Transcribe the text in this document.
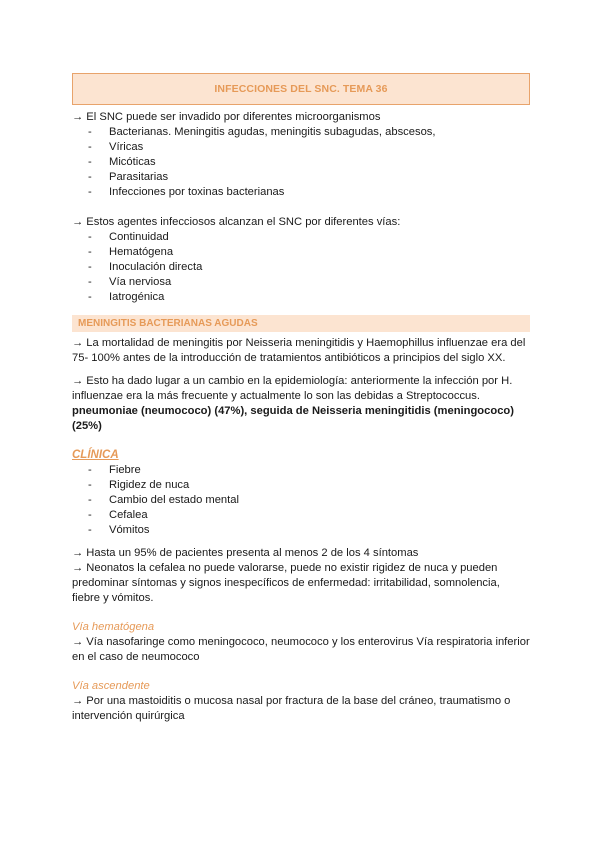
INFECCIONES DEL SNC. TEMA 36

→ El SNC puede ser invadido por diferentes microorganismos

- Bacterianas. Meningitis agudas, meningitis subagudas, abscesos,
- Víricas
- Micóticas
- Parasitarias
- Infecciones por toxinas bacterianas

→ Estos agentes infecciosos alcanzan el SNC por diferentes vías:

- Continuidad
- Hematógena
- Inoculación directa
- Vía nerviosa
- Iatrogénica
MENINGITIS BACTERIANAS AGUDAS

→ La mortalidad de meningitis por Neisseria meningitidis y Haemophillus influenzae era del 75- 100% antes de la introducción de tratamientos antibióticos a principios del siglo XX.

→ Esto ha dado lugar a un cambio en la epidemiología: anteriormente la infección por H. influenzae era la más frecuente y actualmente lo son las debidas a Streptococcus. pneumoniae (neumococo) (47%), seguida de Neisseria meningitidis (meningococo) (25%)

CLÍNICA
- Fiebre
- Rigidez de nuca
- Cambio del estado mental
- Cefalea
- Vómitos

→ Hasta un 95% de pacientes presenta al menos 2 de los 4 síntomas

→ Neonatos la cefalea no puede valorarse, puede no existir rigidez de nuca y pueden predominar síntomas y signos inespecíficos de enfermedad: irritabilidad, somnolencia, fiebre y vómitos.

Vía hematógena

→ Vía nasofaringe como meningococo, neumococo y los enterovirus Vía respiratoria inferior en el caso de neumococo

Vía ascendente

→ Por una mastoiditis o mucosa nasal por fractura de la base del cráneo, traumatismo o intervención quirúrgica
